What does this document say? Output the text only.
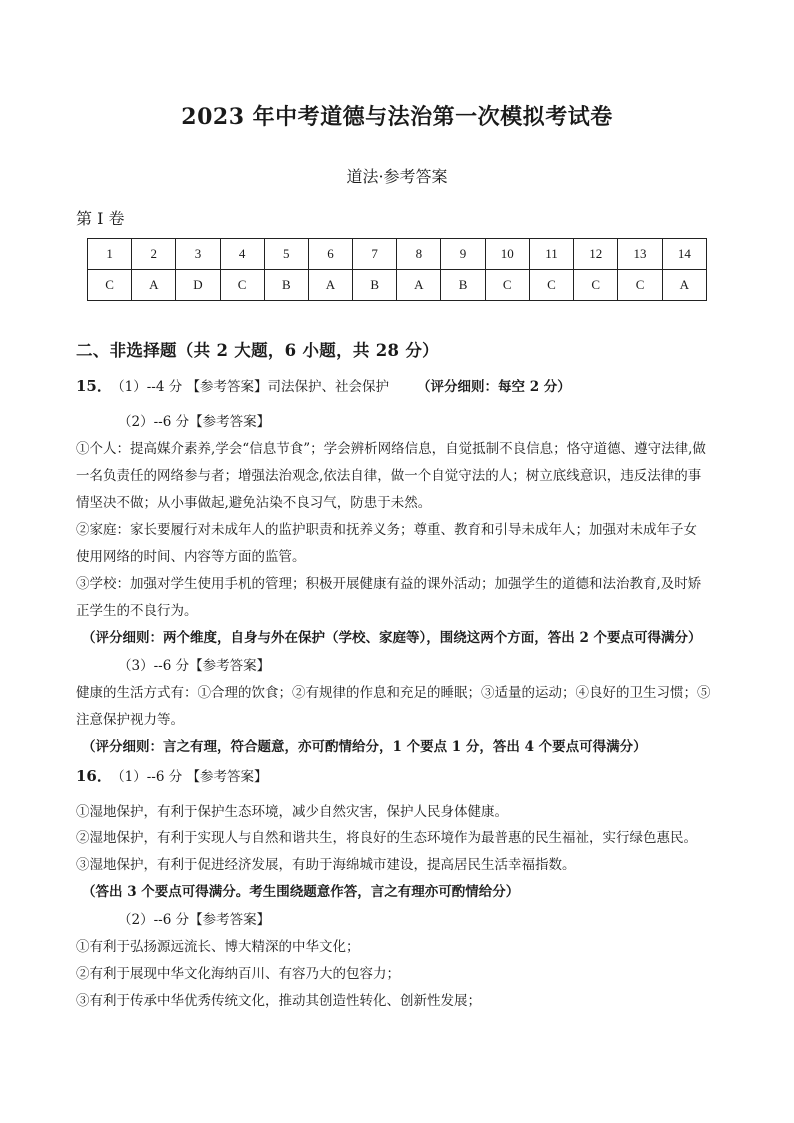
2023 年中考道德与法治第一次模拟考试卷
道法·参考答案
第 I 卷
1	2	3	4	5	6	7	8	9	10	11	12	13	14
C	A	D	C	B	A	B	A	B	C	C	C	C	A
二、非选择题（共 2 大题，6 小题，共 28 分）
15． （1）--4 分 【参考答案】司法保护、社会保护 （评分细则：每空 2 分）
（2）--6 分【参考答案】
①个人：提高媒介素养,学会“信息节食”；学会辨析网络信息，自觉抵制不良信息；恪守道德、遵守法律,做
一名负责任的网络参与者；增强法治观念,依法自律，做一个自觉守法的人；树立底线意识，违反法律的事
情坚决不做；从小事做起,避免沾染不良习气，防患于未然。
②家庭：家长要履行对未成年人的监护职责和抚养义务；尊重、教育和引导未成年人；加强对未成年子女
使用网络的时间、内容等方面的监管。
③学校：加强对学生使用手机的管理；积极开展健康有益的课外活动；加强学生的道德和法治教育,及时矫
正学生的不良行为。
（评分细则：两个维度，自身与外在保护（学校、家庭等），围绕这两个方面，答出 2 个要点可得满分）
（3）--6 分【参考答案】
健康的生活方式有：①合理的饮食；②有规律的作息和充足的睡眠；③适量的运动；④良好的卫生习惯；⑤
注意保护视力等。
（评分细则：言之有理，符合题意，亦可酌情给分，1 个要点 1 分，答出 4 个要点可得满分）
16． （1）--6 分 【参考答案】
①湿地保护，有利于保护生态环境，减少自然灾害，保护人民身体健康。
②湿地保护，有利于实现人与自然和谐共生，将良好的生态环境作为最普惠的民生福祉，实行绿色惠民。
③湿地保护，有利于促进经济发展，有助于海绵城市建设，提高居民生活幸福指数。
（答出 3 个要点可得满分。考生围绕题意作答，言之有理亦可酌情给分）
（2）--6 分【参考答案】
①有利于弘扬源远流长、博大精深的中华文化；
②有利于展现中华文化海纳百川、有容乃大的包容力；
③有利于传承中华优秀传统文化，推动其创造性转化、创新性发展；
